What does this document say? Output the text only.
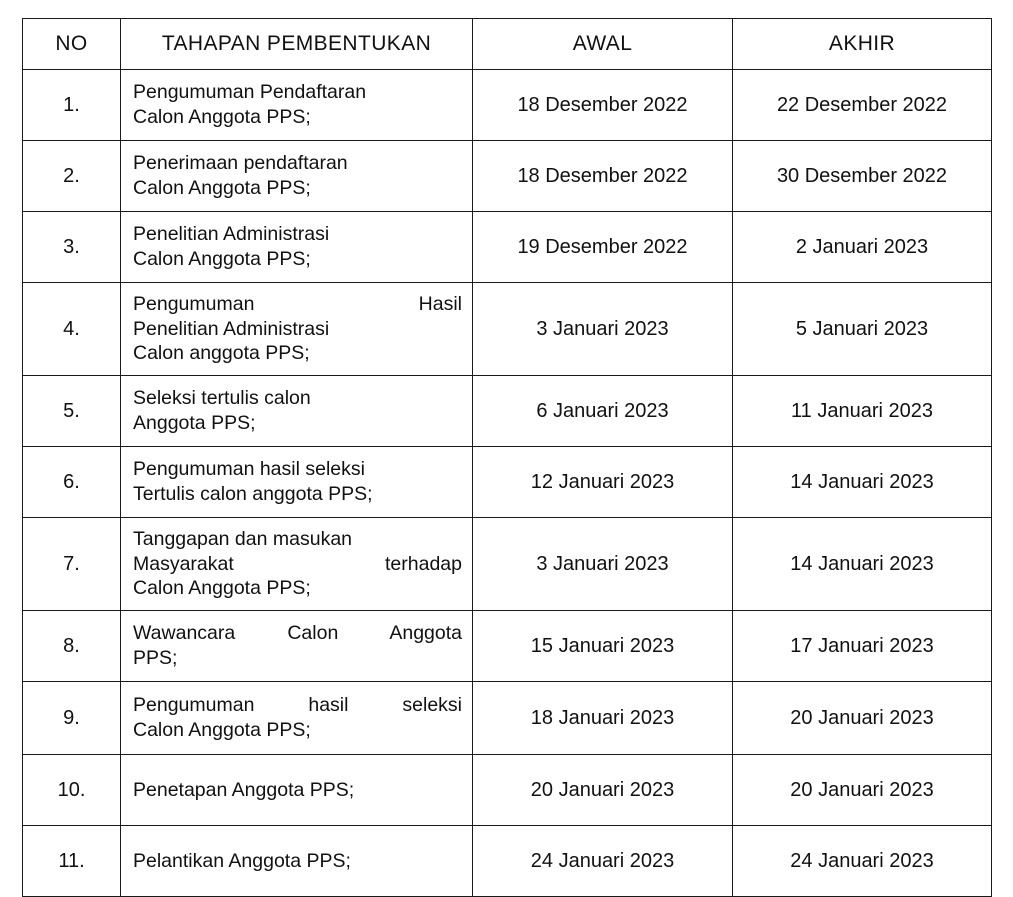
NO	TAHAPAN PEMBENTUKAN	AWAL	AKHIR
1.	Pengumuman Pendaftaran
Calon Anggota PPS;	18 Desember 2022	22 Desember 2022
2.	Penerimaan pendaftaran
Calon Anggota PPS;	18 Desember 2022	30 Desember 2022
3.	Penelitian Administrasi
Calon Anggota PPS;	19 Desember 2022	2 Januari 2023
4.	Pengumuman Hasil
Penelitian Administrasi
Calon anggota PPS;	3 Januari 2023	5 Januari 2023
5.	Seleksi tertulis calon
Anggota PPS;	6 Januari 2023	11 Januari 2023
6.	Pengumuman hasil seleksi
Tertulis calon anggota PPS;	12 Januari 2023	14 Januari 2023
7.	Tanggapan dan masukan
Masyarakat terhadap
Calon Anggota PPS;	3 Januari 2023	14 Januari 2023
8.	Wawancara Calon Anggota
PPS;	15 Januari 2023	17 Januari 2023
9.	Pengumuman hasil seleksi
Calon Anggota PPS;	18 Januari 2023	20 Januari 2023
10.	Penetapan Anggota PPS;	20 Januari 2023	20 Januari 2023
11.	Pelantikan Anggota PPS;	24 Januari 2023	24 Januari 2023
